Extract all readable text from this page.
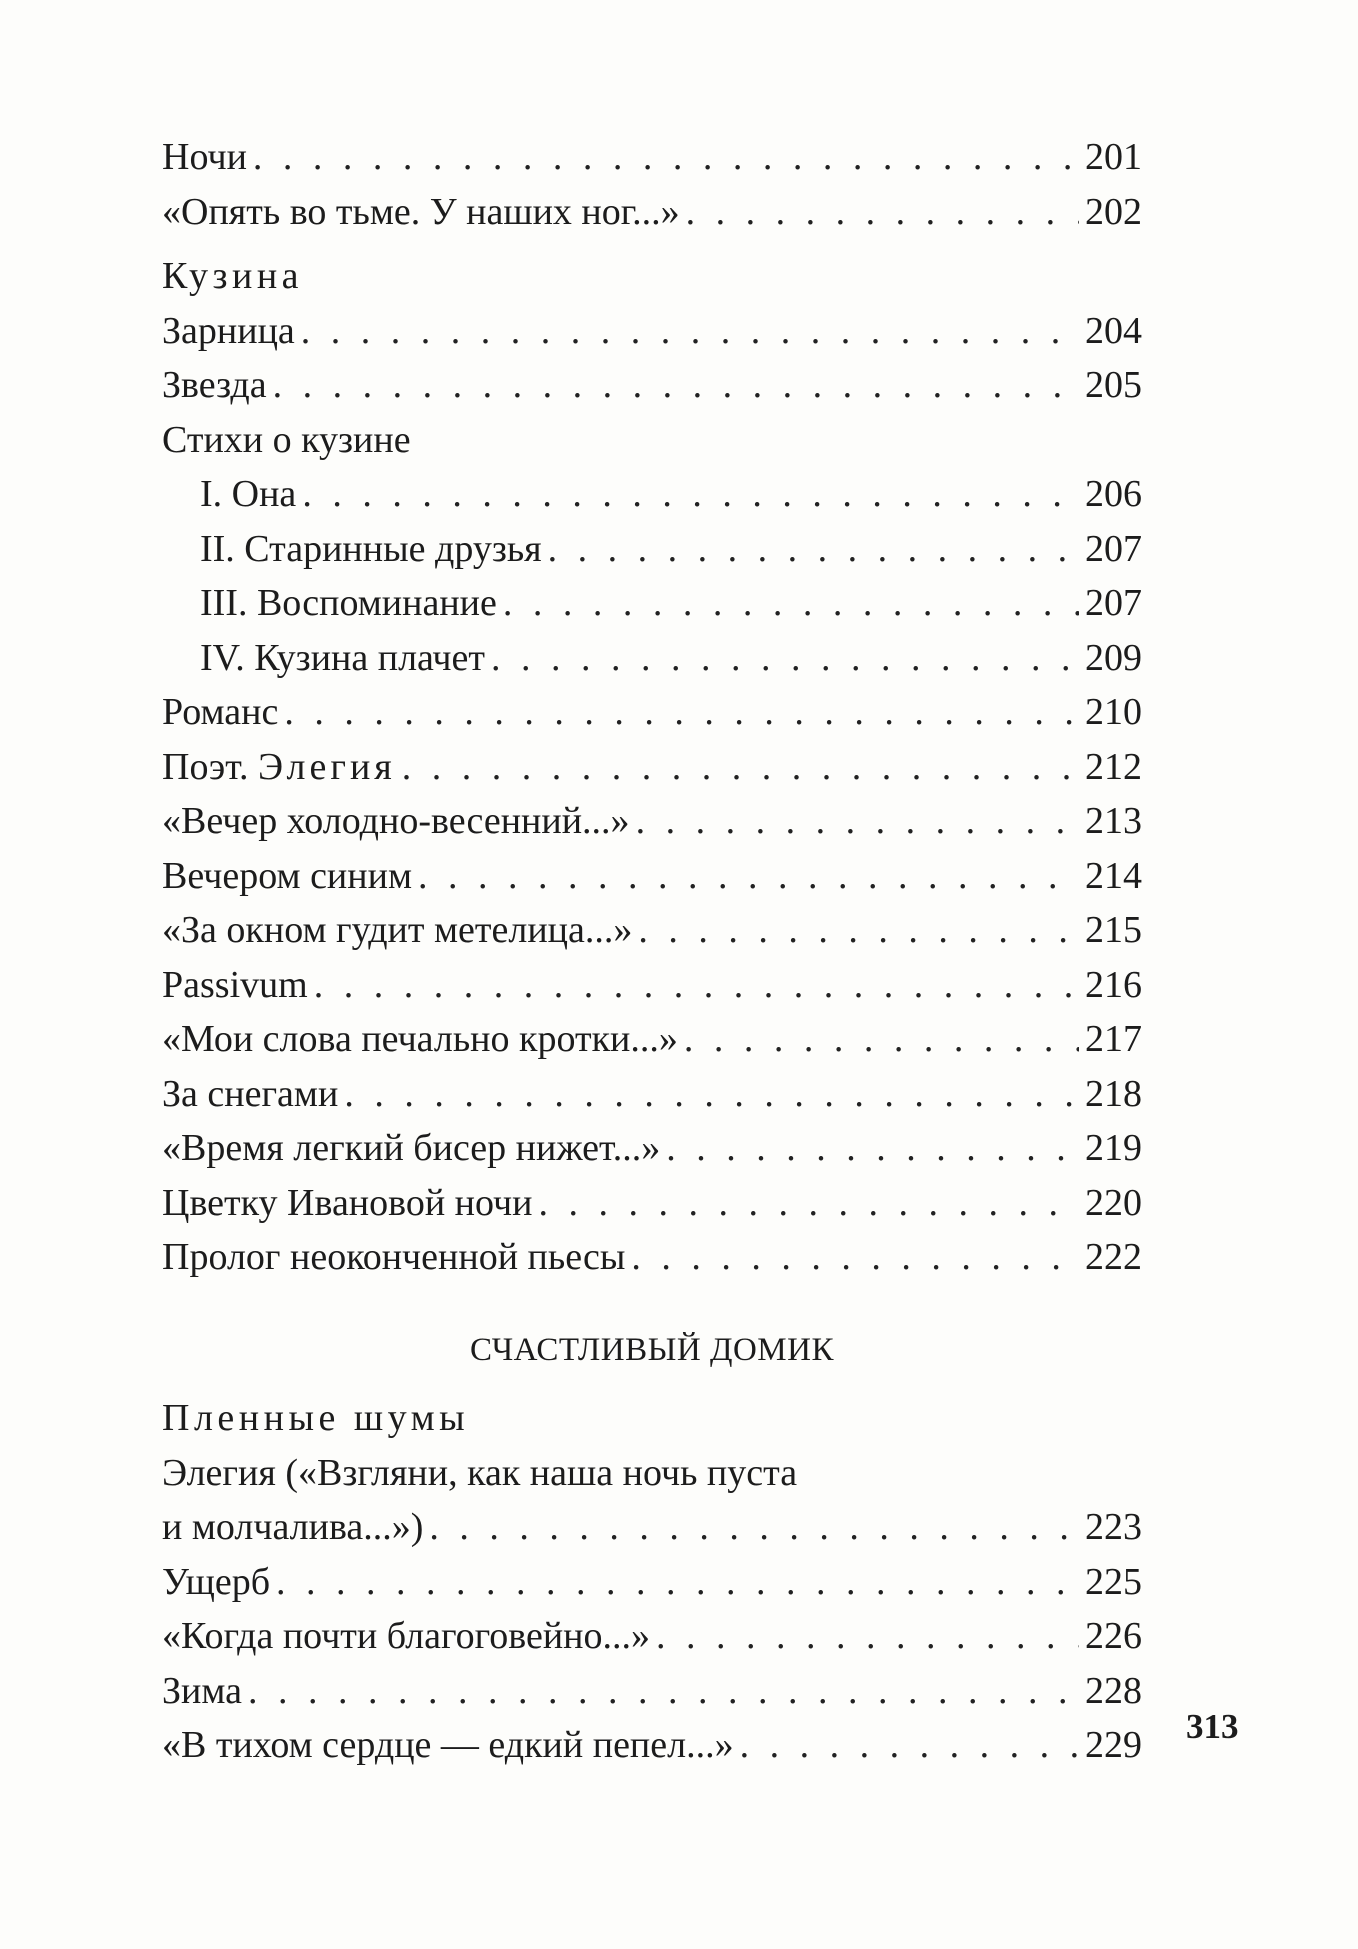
Ночи . . .	201
«Опять во тьме. У наших ног...» . . .	202
Кузина
Зарница . . .	204
Звезда . . .	205
Стихи о кузине
I. Она . . .	206
II. Старинные друзья . . .	207
III. Воспоминание . . .	207
IV. Кузина плачет . . .	209
Романс . . .	210
Поэт. Элегия . . .	212
«Вечер холодно-весенний...» . . .	213
Вечером синим . . .	214
«За окном гудит метелица...» . . .	215
Passivum . . .	216
«Мои слова печально кротки...» . . .	217
За снегами . . .	218
«Время легкий бисер нижет...» . . .	219
Цветку Ивановой ночи . . .	220
Пролог неоконченной пьесы . . .	222
СЧАСТЛИВЫЙ ДОМИК
Пленные шумы
Элегия («Взгляни, как наша ночь пуста
и молчалива...») . . .	223
Ущерб . . .	225
«Когда почти благоговейно...» . . .	226
Зима . . .	228
«В тихом сердце — едкий пепел...» . . .	229 313
